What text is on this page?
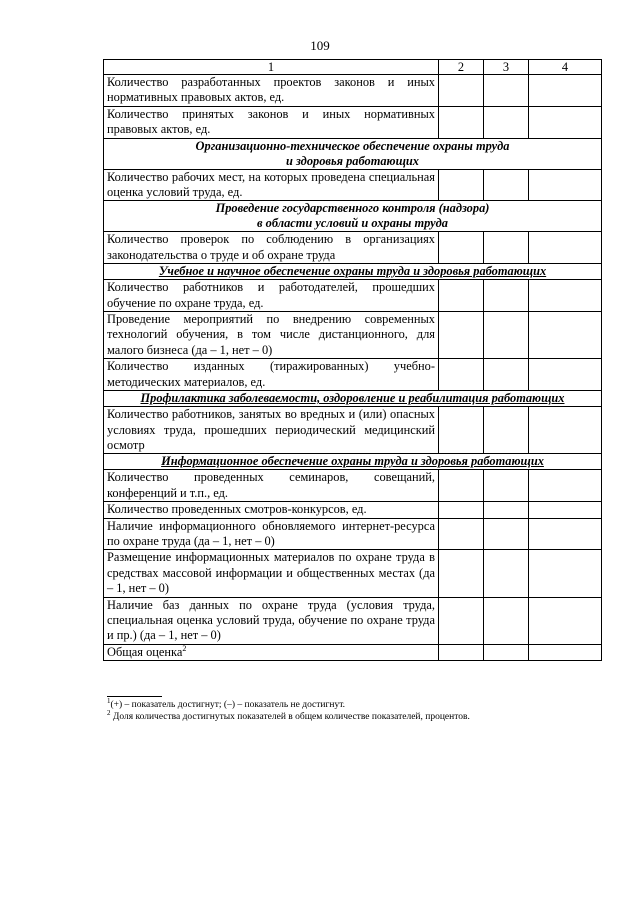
109
1	2	3	4
Количество разработанных проектов законов и иных нормативных правовых актов, ед.			
Количество принятых законов и иных нормативных правовых актов, ед.			

Организационно-техническое обеспечение охраны труда
и здоровья работающих			

Количество рабочих мест, на которых проведена специальная оценка условий труда, ед.			

Проведение государственного контроля (надзора)
в области условий и охраны труда			

Количество проверок по соблюдению в организациях законодательства о труде и об охране труда			

Учебное и научное обеспечение охраны труда и здоровья работающих			

Количество работников и работодателей, прошедших обучение по охране труда, ед.			
Проведение мероприятий по внедрению современных технологий обучения, в том числе дистанционного, для малого бизнеса (да – 1, нет – 0)			
Количество изданных (тиражированных) учебно-методических материалов, ед.			

Профилактика заболеваемости, оздоровление и реабилитация работающих			

Количество работников, занятых во вредных и (или) опасных условиях труда, прошедших периодический медицинский осмотр			

Информационное обеспечение охраны труда и здоровья работающих			

Количество проведенных семинаров, совещаний, конференций и т.п., ед.			
Количество проведенных смотров-конкурсов, ед.			
Наличие информационного обновляемого интернет-ресурса по охране труда (да – 1, нет – 0)			
Размещение информационных материалов по охране труда в средствах массовой информации и общественных местах (да – 1, нет – 0)			
Наличие баз данных по охране труда (условия труда, специальная оценка условий труда, обучение по охране труда и пр.) (да – 1, нет – 0)			
Общая оценка$^2$			
$^1$(+) – показатель достигнут; (–) – показатель не достигнут.
$^2$ Доля количества достигнутых показателей в общем количестве показателей, процентов.
